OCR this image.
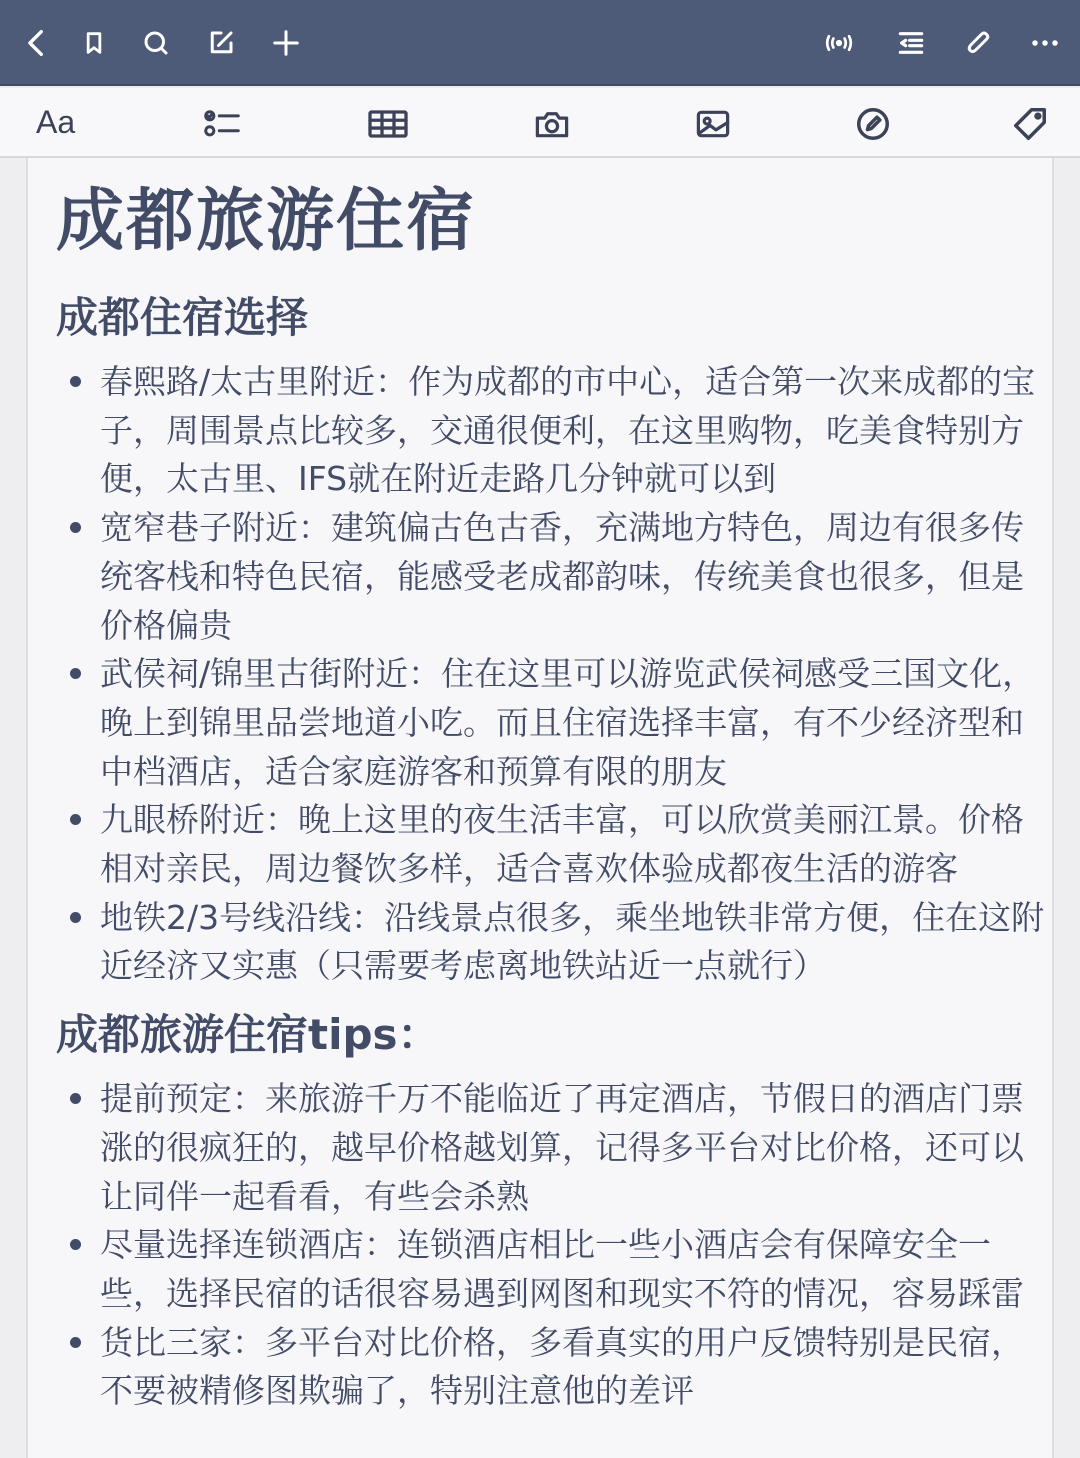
Aa
成都旅游住宿
成都住宿选择
春熙路/太古里附近：作为成都的市中心，适合第一次来成都的宝子，周围景点比较多，交通很便利，在这里购物，吃美食特别方便，太古里、IFS就在附近走路几分钟就可以到
宽窄巷子附近：建筑偏古色古香，充满地方特色，周边有很多传统客栈和特色民宿，能感受老成都韵味，传统美食也很多，但是价格偏贵
武侯祠/锦里古街附近：住在这里可以游览武侯祠感受三国文化，晚上到锦里品尝地道小吃。而且住宿选择丰富，有不少经济型和中档酒店，适合家庭游客和预算有限的朋友
九眼桥附近：晚上这里的夜生活丰富，可以欣赏美丽江景。价格相对亲民，周边餐饮多样，适合喜欢体验成都夜生活的游客
地铁2/3号线沿线：沿线景点很多，乘坐地铁非常方便，住在这附近经济又实惠（只需要考虑离地铁站近一点就行）
成都旅游住宿tips：
提前预定：来旅游千万不能临近了再定酒店，节假日的酒店门票涨的很疯狂的，越早价格越划算，记得多平台对比价格，还可以让同伴一起看看，有些会杀熟
尽量选择连锁酒店：连锁酒店相比一些小酒店会有保障安全一些，选择民宿的话很容易遇到网图和现实不符的情况，容易踩雷
货比三家：多平台对比价格，多看真实的用户反馈特别是民宿，不要被精修图欺骗了，特别注意他的差评
